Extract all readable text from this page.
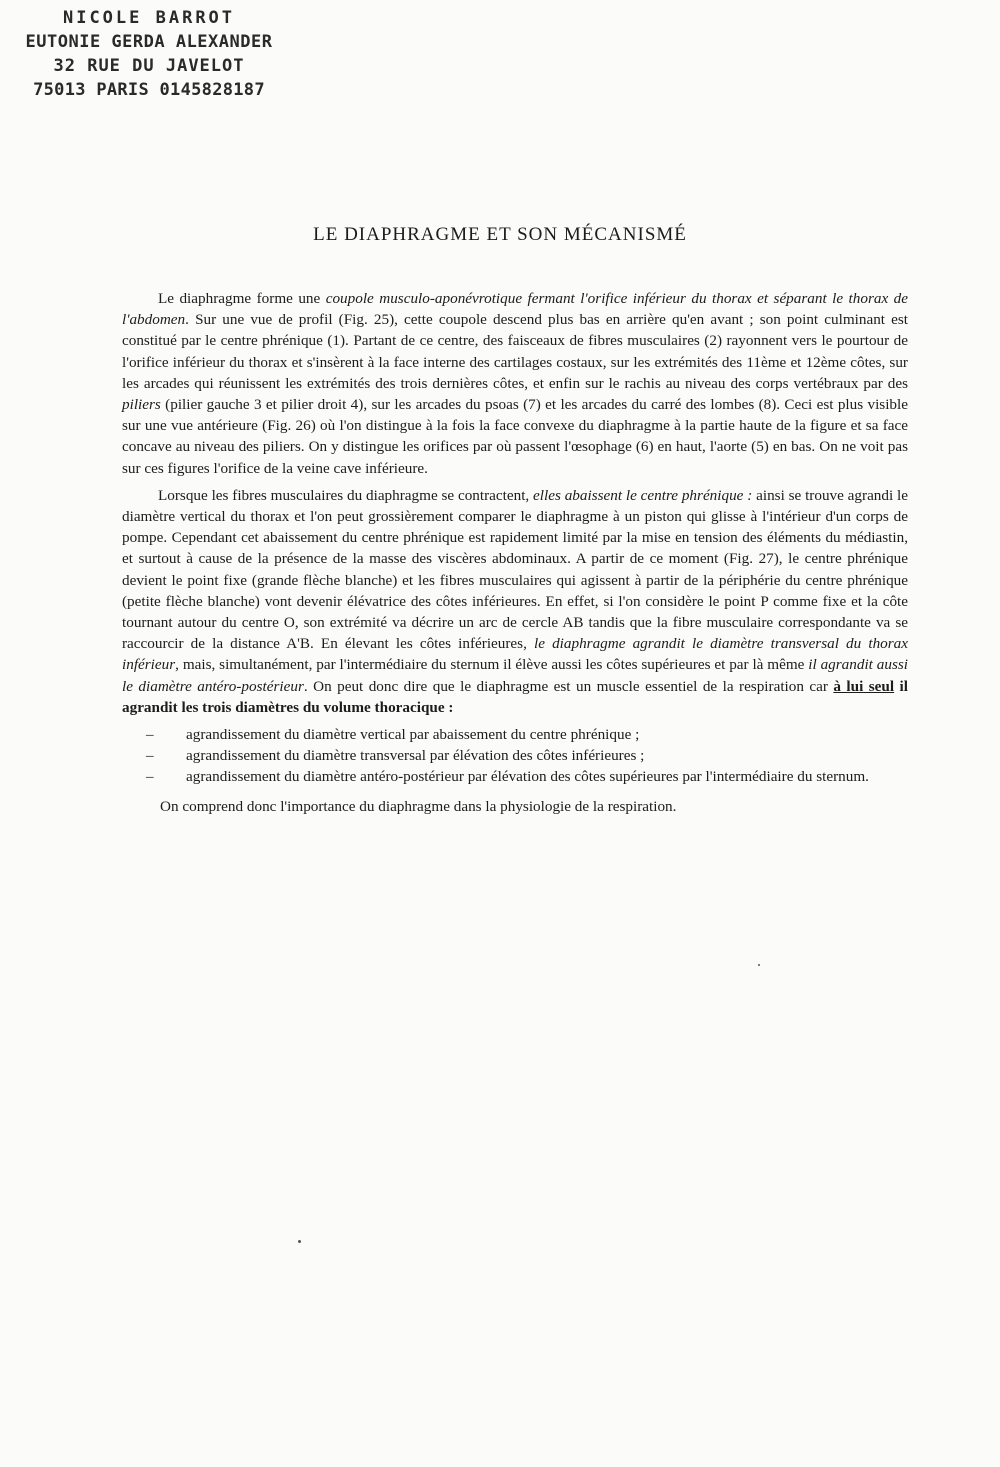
NICOLE BARROT
EUTONIE GERDA ALEXANDER
32 RUE DU JAVELOT
75013 PARIS 0145828187
LE DIAPHRAGME ET SON MÉCANISMÉ

Le diaphragme forme une coupole musculo-aponévrotique fermant l'orifice inférieur du thorax et séparant le thorax de l'abdomen. Sur une vue de profil (Fig. 25), cette coupole descend plus bas en arrière qu'en avant ; son point culminant est constitué par le centre phrénique (1). Partant de ce centre, des faisceaux de fibres musculaires (2) rayonnent vers le pourtour de l'orifice inférieur du thorax et s'insèrent à la face interne des cartilages costaux, sur les extrémités des 11ème et 12ème côtes, sur les arcades qui réunissent les extrémités des trois dernières côtes, et enfin sur le rachis au niveau des corps vertébraux par des piliers (pilier gauche 3 et pilier droit 4), sur les arcades du psoas (7) et les arcades du carré des lombes (8). Ceci est plus visible sur une vue antérieure (Fig. 26) où l'on distingue à la fois la face convexe du diaphragme à la partie haute de la figure et sa face concave au niveau des piliers. On y distingue les orifices par où passent l'œsophage (6) en haut, l'aorte (5) en bas. On ne voit pas sur ces figures l'orifice de la veine cave inférieure.

Lorsque les fibres musculaires du diaphragme se contractent, elles abaissent le centre phrénique : ainsi se trouve agrandi le diamètre vertical du thorax et l'on peut grossièrement comparer le diaphragme à un piston qui glisse à l'intérieur d'un corps de pompe. Cependant cet abaissement du centre phrénique est rapidement limité par la mise en tension des éléments du médiastin, et surtout à cause de la présence de la masse des viscères abdominaux. A partir de ce moment (Fig. 27), le centre phrénique devient le point fixe (grande flèche blanche) et les fibres musculaires qui agissent à partir de la périphérie du centre phrénique (petite flèche blanche) vont devenir élévatrice des côtes inférieures. En effet, si l'on considère le point P comme fixe et la côte tournant autour du centre O, son extrémité va décrire un arc de cercle AB tandis que la fibre musculaire correspondante va se raccourcir de la distance A'B. En élevant les côtes inférieures, le diaphragme agrandit le diamètre transversal du thorax inférieur, mais, simultanément, par l'intermédiaire du sternum il élève aussi les côtes supérieures et par là même il agrandit aussi le diamètre antéro-postérieur. On peut donc dire que le diaphragme est un muscle essentiel de la respiration car à lui seul il agrandit les trois diamètres du volume thoracique :

– agrandissement du diamètre vertical par abaissement du centre phrénique ;
– agrandissement du diamètre transversal par élévation des côtes inférieures ;
– agrandissement du diamètre antéro-postérieur par élévation des côtes supérieures par l'intermédiaire du sternum.

On comprend donc l'importance du diaphragme dans la physiologie de la respiration.
